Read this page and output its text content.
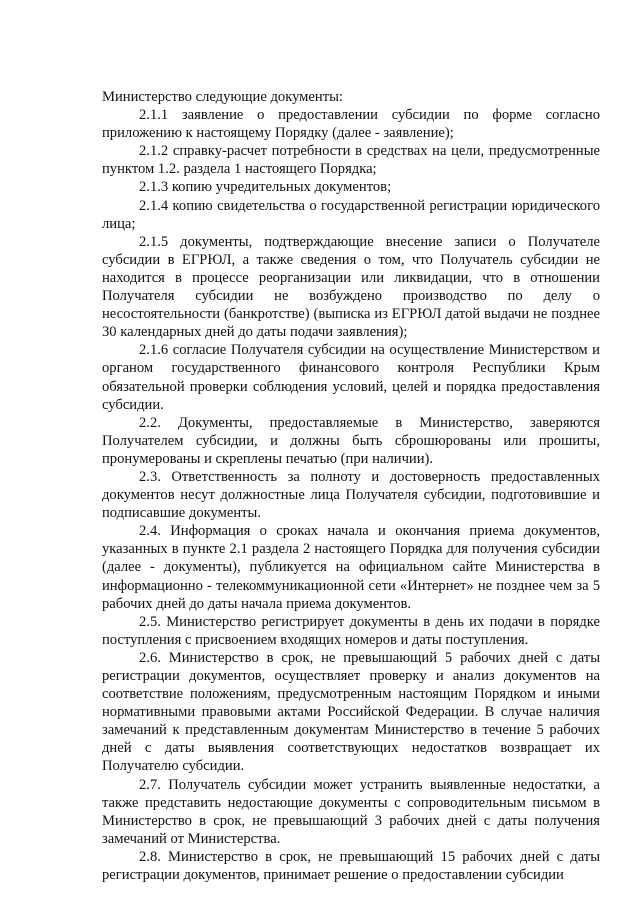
Министерство следующие документы:

2.1.1 заявление о предоставлении субсидии по форме согласно приложению к настоящему Порядку (далее - заявление);

2.1.2 справку-расчет потребности в средствах на цели, предусмотренные пунктом 1.2. раздела 1 настоящего Порядка;

2.1.3 копию учредительных документов;

2.1.4 копию свидетельства о государственной регистрации юридического лица;

2.1.5 документы, подтверждающие внесение записи о Получателе субсидии в ЕГРЮЛ, а также сведения о том, что Получатель субсидии не находится в процессе реорганизации или ликвидации, что в отношении Получателя субсидии не возбуждено производство по делу о несостоятельности (банкротстве) (выписка из ЕГРЮЛ датой выдачи не позднее 30 календарных дней до даты подачи заявления);

2.1.6 согласие Получателя субсидии на осуществление Министерством и органом государственного финансового контроля Республики Крым обязательной проверки соблюдения условий, целей и порядка предоставления субсидии.

2.2. Документы, предоставляемые в Министерство, заверяются Получателем субсидии, и должны быть сброшюрованы или прошиты, пронумерованы и скреплены печатью (при наличии).

2.3. Ответственность за полноту и достоверность предоставленных документов несут должностные лица Получателя субсидии, подготовившие и подписавшие документы.

2.4. Информация о сроках начала и окончания приема документов, указанных в пункте 2.1 раздела 2 настоящего Порядка для получения субсидии (далее - документы), публикуется на официальном сайте Министерства в информационно - телекоммуникационной сети «Интернет» не позднее чем за 5 рабочих дней до даты начала приема документов.

2.5. Министерство регистрирует документы в день их подачи в порядке поступления с присвоением входящих номеров и даты поступления.

2.6. Министерство в срок, не превышающий 5 рабочих дней с даты регистрации документов, осуществляет проверку и анализ документов на соответствие положениям, предусмотренным настоящим Порядком и иными нормативными правовыми актами Российской Федерации. В случае наличия замечаний к представленным документам Министерство в течение 5 рабочих дней с даты выявления соответствующих недостатков возвращает их Получателю субсидии.

2.7. Получатель субсидии может устранить выявленные недостатки, а также представить недостающие документы с сопроводительным письмом в Министерство в срок, не превышающий 3 рабочих дней с даты получения замечаний от Министерства.

2.8. Министерство в срок, не превышающий 15 рабочих дней с даты регистрации документов, принимает решение о предоставлении субсидии
